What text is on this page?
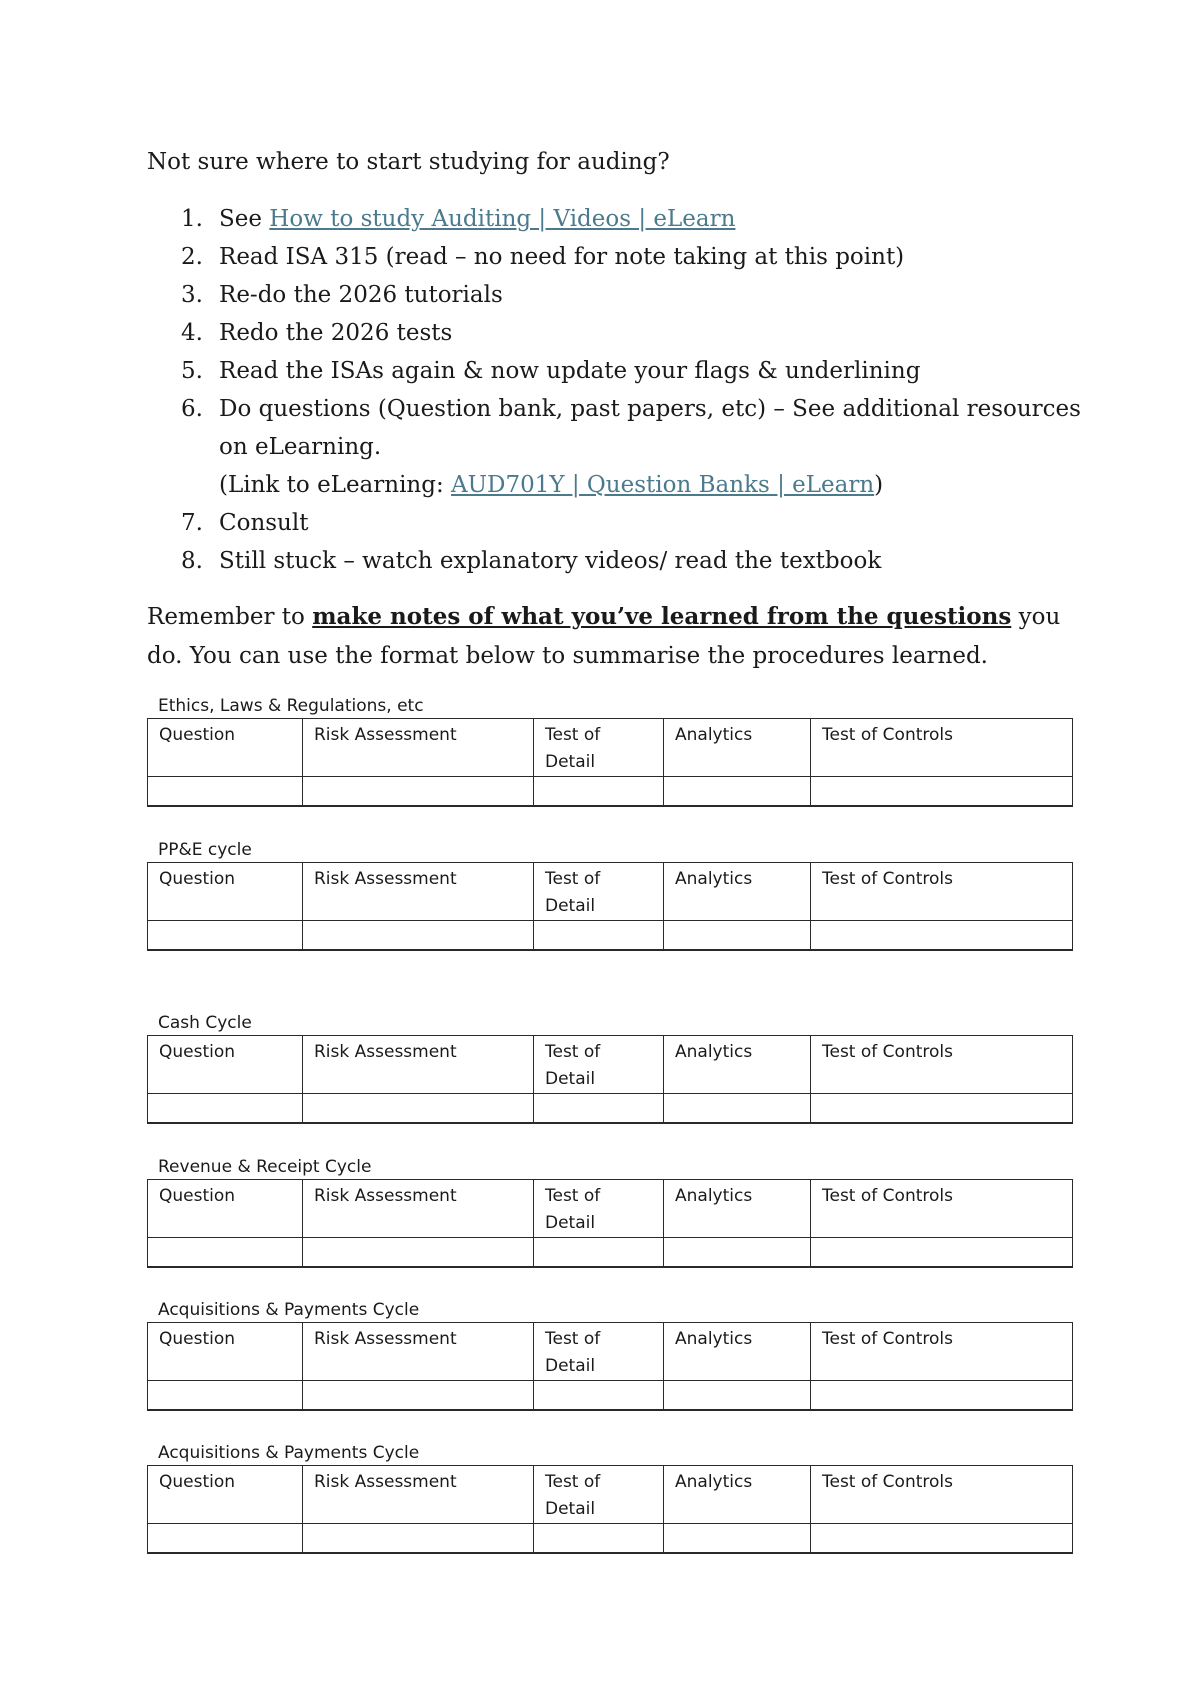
Not sure where to start studying for auding?

1. See How to study Auditing | Videos | eLearn
2. Read ISA 315 (read – no need for note taking at this point)
3. Re-do the 2026 tutorials
4. Redo the 2026 tests
5. Read the ISAs again & now update your flags & underlining
6. Do questions (Question bank, past papers, etc) – See additional resources
on eLearning.
(Link to eLearning: AUD701Y | Question Banks | eLearn)
7. Consult
8. Still stuck – watch explanatory videos/ read the textbook

Remember to make notes of what you’ve learned from the questions you do. You can use the format below to summarise the procedures learned.

Ethics, Laws & Regulations, etc
Question	Risk Assessment	Test of Detail	Analytics	Test of Controls

PP&E cycle
Question	Risk Assessment	Test of Detail	Analytics	Test of Controls

Cash Cycle
Question	Risk Assessment	Test of Detail	Analytics	Test of Controls

Revenue & Receipt Cycle
Question	Risk Assessment	Test of Detail	Analytics	Test of Controls

Acquisitions & Payments Cycle
Question	Risk Assessment	Test of Detail	Analytics	Test of Controls

Acquisitions & Payments Cycle
Question	Risk Assessment	Test of Detail	Analytics	Test of Controls
